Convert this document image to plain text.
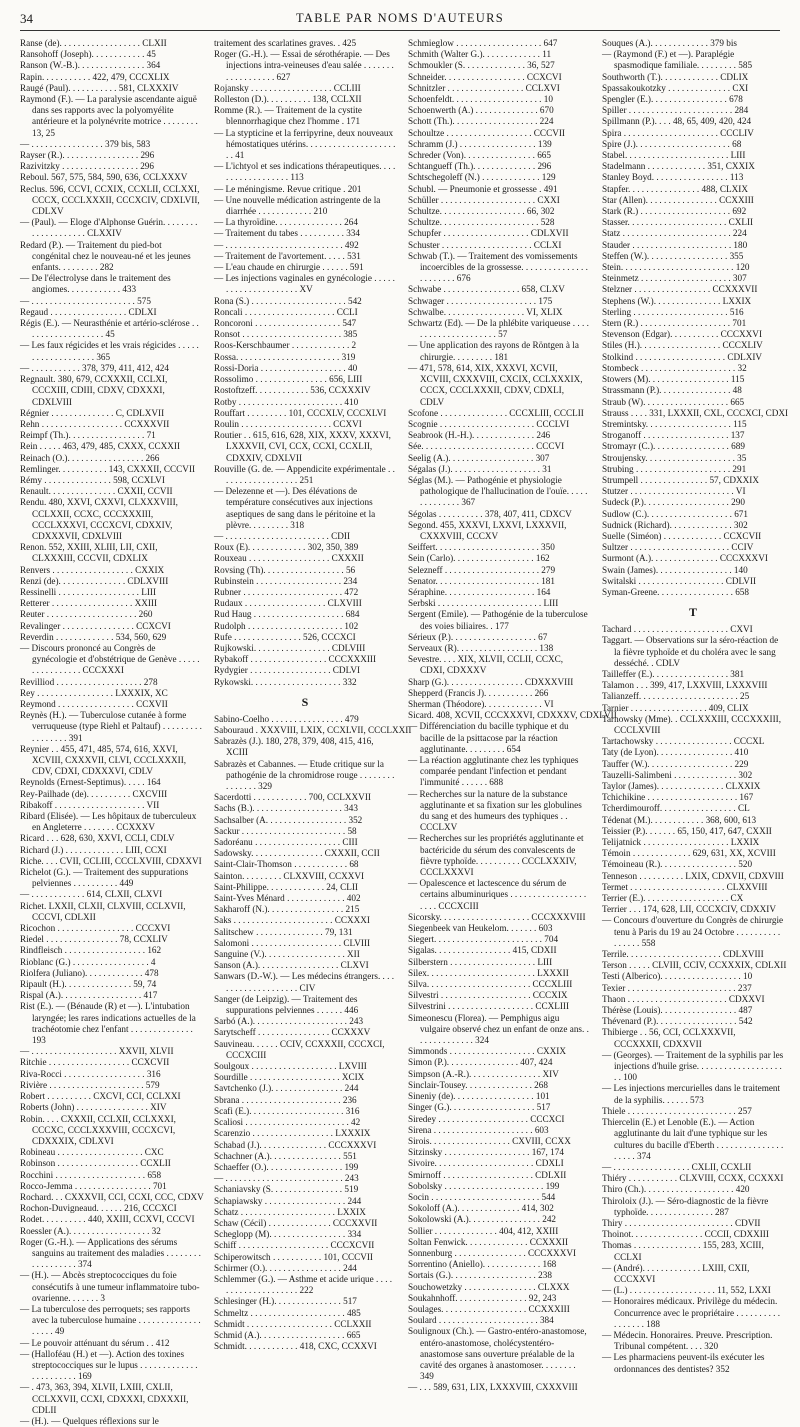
34	TABLE PAR NOMS D'AUTEURS
Ranse (de). . . . . . . . . . . . . . . . . . CLXII
Ransohoff (Joseph). . . . . . . . . . . . 45
Ranson (W.-B.). . . . . . . . . . . . . . . 364
Rapin. . . . . . . . . . . 422, 479, CCCXLIX
Raugé (Paul). . . . . . . . . . . 581, CLXXXIV
Raymond (F.). — La paralysie ascendante aiguë dans ses rapports avec la polyomyélite antérieure et la polynévrite motrice . . . . . . . . 13, 25
— . . . . . . . . . . . . . . . . 379 bis, 583
Rayser (R.). . . . . . . . . . . . . . . . . 296
Razivitzky . . . . . . . . . . . . . . . . . 296
Reboul. 567, 575, 584, 590, 636, CCLXXXV
Reclus. 596, CCVI, CCXIX, CCXLII, CCLXXI, CCCX, CCCLXXXII, CCCXCIV, CDXLVII, CDLXV
— (Paul). — Eloge d'Alphonse Guérin. . . . . . . . . . . . . . . . . . . . CLXXIV
Redard (P.). — Traitement du pied-bot congénital chez le nouveau-né et les jeunes enfants. . . . . . . . . 282
— De l'électrolyse dans le traitement des angiomes. . . . . . . . . . . . 433
— . . . . . . . . . . . . . . . . . . . . . . . 575
Regaud . . . . . . . . . . . . . . . . . CDLXI
Régis (E.). — Neurasthénie et artério-sclérose . . . . . . . . . . . . . . . . . . 45
— Les faux régicides et les vrais régicides . . . . . . . . . . . . . . . . . . . 365
— . . . . . . . . . . . 378, 379, 411, 412, 424
Regnault. 380, 679, CCXXXII, CCLXI, CCCXIII, CDIII, CDXV, CDXXXI, CDXLVIII
Régnier . . . . . . . . . . . . . . C, CDLXVII
Rehn . . . . . . . . . . . . . . . . . . CCXXXVII
Reimpf (Th.). . . . . . . . . . . . . . . . . 71
Rein . . . . . 463, 479, 485, CXXX, CCXXII
Reinach (O.). . . . . . . . . . . . . . . . . 266
Remlinger. . . . . . . . . . . 143, CXXXII, CCCVII
Rémy . . . . . . . . . . . . . . . 598, CCXLVI
Renault. . . . . . . . . . . . . . . CXXII, CCVII
Rendu. 480, XXVI, CXXVI, CLXXXVIII, CCLXXII, CCXC, CCCXXXIII, CCCLXXXVI, CCCXCVI, CDXXIV, CDXXXVII, CDXLVIII
Renon. 552, XXIII, XLIII, LII, CXII, CLXXXIII, CCCVII, CDXLIX
Renvers . . . . . . . . . . . . . . . . . . CXXIX
Renzi (de). . . . . . . . . . . . . . . CDLXVIII
Ressinelli . . . . . . . . . . . . . . . . . . LIII
Retterer . . . . . . . . . . . . . . . . . . XXIII
Reuter . . . . . . . . . . . . . . . . . . . . 260
Revalinger . . . . . . . . . . . . . . . . CCXCVI
Reverdin . . . . . . . . . . . . . 534, 560, 629
— Discours prononcé au Congrès de gynécologie et d'obstétrique de Genève . . . . . . . . . . . . . . . . CCCXXXI
Revilliod . . . . . . . . . . . . . . . . . . . 278
Rey . . . . . . . . . . . . . . . . . LXXXIX, XC
Reymond . . . . . . . . . . . . . . . . . CCXVII
Reynès (H.). — Tuberculose cutanée à forme verruqueuse (type Riehl et Paltauf) . . . . . . . . . . . . . . . . . 391
Reynier . . 455, 471, 485, 574, 616, XXVI, XCVIII, CXXXVII, CLVI, CCCLXXXII, CDV, CDXI, CDXXXVI, CDLV
Reynolds (Ernest-Septimus). . . . . 164
Rey-Pailhade (de). . . . . . . . . . CXCVIII
Ribakoff . . . . . . . . . . . . . . . . . . . . VII
Ribard (Elisée). — Les hôpitaux de tuberculeux en Angleterre . . . . . . . CCXXXV
Ricard . . . 628, 630, XXVI, CCLI, CDLV
Richard (J.) . . . . . . . . . . . . . LIII, CCXI
Riche. . . . CVII, CCLIII, CCCLXVIII, CDXXVI
Richelot (G.). — Traitement des suppurations pelviennes . . . . . . . . . . 449
— . . . . . . . . . . . . 614, CLXII, CLXVI
Richet. LXXII, CLXII, CLXVIII, CCLXVII, CCCVI, CDLXII
Ricochon . . . . . . . . . . . . . . . . . CCCXVI
Riedel . . . . . . . . . . . . . . . . 78, CCXLIV
Rindfleisch . . . . . . . . . . . . . . . . . . 162
Rioblanc (G.) . . . . . . . . . . . . . . . . . 4
Riolfera (Juliano). . . . . . . . . . . . . 478
Ripault (H.). . . . . . . . . . . . . . . 59, 74
Rispal (A.). . . . . . . . . . . . . . . . . . 417
Rist (E.). — (Bénaude (R) et —). L'intubation laryngée; les rares indications actuelles de la trachéotomie chez l'enfant . . . . . . . . . . . . . . 193
— . . . . . . . . . . . . . . . . . . . XXVII, XLVII
Ritchie . . . . . . . . . . . . . . . . . . CCXCVII
Riva-Rocci . . . . . . . . . . . . . . . . . . 316
Rivière . . . . . . . . . . . . . . . . . . . . . 579
Robert . . . . . . . . . . CXCVI, CCI, CCLXXI
Roberts (John) . . . . . . . . . . . . . . . . XIV
Robin. . . . CXXXII, CCLXII, CCLXXXI, CCCXC, CCCLXXXVIII, CCCXCVI, CDXXXIX, CDLXVI
Robineau . . . . . . . . . . . . . . . . . . . CXC
Robinson . . . . . . . . . . . . . . . . . . CCXLII
Rocchini . . . . . . . . . . . . . . . . . . . . 658
Rocco-Jemma . . . . . . . . . . . . . . . . . 701
Rochard. . . CXXXVII, CCI, CCXI, CCC, CDXV
Rochon-Duvigneaud. . . . . . 216, CCCXCI
Rodet. . . . . . . . . . 440, XXIII, CCXVI, CCCVI
Roessler (A.). . . . . . . . . . . . . . . . . . 32
Roger (G.-H.). — Applications des sérums sanguins au traitement des maladies . . . . . . . . . . . . . . . . . . 374
— (H.). — Abcès streptococciques du foie consécutifs à une tumeur inflammatoire tubo-ovarienne. . . . . . . 3
— La tuberculose des perroquets; ses rapports avec la tuberculose humaine . . . . . . . . . . . . . . . . . . . 49
— Le pouvoir atténuant du sérum . . 412
— (Halloféau (H.) et —). Action des toxines streptococciques sur le lupus . . . . . . . . . . . . . . . . . . . . . . . 169
— . 473, 363, 394, XLVII, LXIII, CXLII, CCLXXVII, CCXI, CDXXXI, CDXXXII, CDLII
— (H.). — Quelques réflexions sur le
traitement des scarlatines graves. . 425
Roger (G.-H.). — Essai de sérothérapie. — Des injections intra-veineuses d'eau salée . . . . . . . . . . . . . . . . . . 627
Rojansky . . . . . . . . . . . . . . . . . . CCLIII
Rolleston (D.). . . . . . . . . . 138, CCLXII
Romme (R.). — Traitement de la cystite blennorrhagique chez l'homme . 171
— La stypticine et la ferripyrine, deux nouveaux hémostatiques utérins. . . . . . . . . . . . . . . . . . . . . . 41
— L'ichtyol et ses indications thérapeutiques. . . . . . . . . . . . . . . . . . 113
— Le méningisme. Revue critique . 201
— Une nouvelle médication astringente de la diarrhée . . . . . . . . . . . . 210
— La thyroïdine. . . . . . . . . . . . . . . 264
— Traitement du tabes . . . . . . . . . . 334
— . . . . . . . . . . . . . . . . . . . . . . . . . . 492
— Traitement de l'avortement. . . . . 531
— L'eau chaude en chirurgie . . . . . . 591
— Les injections vaginales en gynécologie . . . . . . . . . . . . . . . . . . . . . XV
Rona (S.) . . . . . . . . . . . . . . . . . . . . . 542
Roncali . . . . . . . . . . . . . . . . . . . . CCLI
Roncoroni . . . . . . . . . . . . . . . . . . . 547
Ronsot . . . . . . . . . . . . . . . . . . . . . . 385
Roos-Kerschbaumer . . . . . . . . . . . . . 2
Rossa. . . . . . . . . . . . . . . . . . . . . . . 319
Rossi-Doria . . . . . . . . . . . . . . . . . . . 40
Rossolimo . . . . . . . . . . . . . . . . 656, LIII
Rostoftzeff. . . . . . . . . . . . 536, CCXXXIV
Rotby . . . . . . . . . . . . . . . . . . . . . . . 410
Rouffart . . . . . . . . . 101, CCCXLV, CCCXLVI
Roulin . . . . . . . . . . . . . . . . . . . . CCXVI
Routier . . 615, 616, 628, XIX, XXXV, XXXVI, LXXXVII, CVI, CCX, CCXI, CCXLII, CDXXIV, CDXLVII
Rouville (G. de. — Appendicite expérimentale . . . . . . . . . . . . . . . . . . 251
— Delezenne et —). Des élévations de température consécutives aux injections aseptiques de sang dans le péritoine et la plèvre. . . . . . . . . 318
— . . . . . . . . . . . . . . . . . . . . . . . CDII
Roux (E). . . . . . . . . . . . . 302, 350, 389
Rouxeau . . . . . . . . . . . . . . . . . . CXXXII
Rovsing (Th). . . . . . . . . . . . . . . . . . 56
Rubinstein . . . . . . . . . . . . . . . . . . . 234
Rubner . . . . . . . . . . . . . . . . . . . . . . 472
Rudaux . . . . . . . . . . . . . . . . . . CLXVIII
Rud Haug . . . . . . . . . . . . . . . . . . . . 684
Rudolph . . . . . . . . . . . . . . . . . . . . . 102
Rufe . . . . . . . . . . . . . . . 526, CCCXCI
Rujkowski. . . . . . . . . . . . . . . . . CDLVIII
Rybakoff . . . . . . . . . . . . . . . . . CCCXXXIII
Rydygier . . . . . . . . . . . . . . . . . . CDLVI
Rykowski. . . . . . . . . . . . . . . . . . . . 332
S
Sabino-Coelho . . . . . . . . . . . . . . . . 479
Sabouraud . XXXVIII, LXIX, CCXLVII, CCCLXXII
Sabrazès (J.). 180, 278, 379, 408, 415, 416, XCIII
Sabrazès et Cabannes. — Etude critique sur la pathogénie de la chromidrose rouge . . . . . . . . . . . . . . . 329
Sacerdotti . . . . . . . . . . . . 700, CCLXXVII
Sachs (B.). . . . . . . . . . . . . . . . . . . . 343
Sachsalber (A. . . . . . . . . . . . . . . . . . 352
Sackur . . . . . . . . . . . . . . . . . . . . . . . 58
Sadoréanu . . . . . . . . . . . . . . . . . . . CIII
Sadowsky. . . . . . . . . . . . . . . . CXXXII, CCII
Saint-Clair-Thomson . . . . . . . . . . . . 68
Sainton. . . . . . . . . CLXXVIII, CCXXVI
Saint-Philippe. . . . . . . . . . . . . 24, CLII
Saint-Yves Ménard . . . . . . . . . . . . . 402
Sakharoff (N.). . . . . . . . . . . . . . . . . 215
Saks . . . . . . . . . . . . . . . . . . . . . . CCXXXI
Salitschew . . . . . . . . . . . . . . . 79, 131
Salomoni . . . . . . . . . . . . . . . . . . . . CLVIII
Sanguine (V.). . . . . . . . . . . . . . . . . . XII
Sanson (A.). . . . . . . . . . . . . . . . . . CLXVI
Sanwars (D.-W.). — Les médecins étrangers. . . . . . . . . . . . . . . . . . . . CIV
Sanger (de Leipzig). — Traitement des suppurations pelviennes . . . . . . 446
Sarbó (A.). . . . . . . . . . . . . . . . . . . . . 243
Sarytscheff . . . . . . . . . . . . . . . . CCXXXV
Sauvineau. . . . . . CCIV, CCXXXII, CCCXCI, CCCXCIII
Soulgoux . . . . . . . . . . . . . . . . . . . LXVIII
Sourdille . . . . . . . . . . . . . . . . . . . . XCIX
Savtchenko (J.). . . . . . . . . . . . . . . . 244
Sbrana . . . . . . . . . . . . . . . . . . . . . . 236
Scafi (E.). . . . . . . . . . . . . . . . . . . . . 316
Scaliosi . . . . . . . . . . . . . . . . . . . . . . . 42
Scarenzio . . . . . . . . . . . . . . . . . . LXXXIX
Schabad (J.). . . . . . . . . . . . . . . CCCXXXVI
Schachner (A.). . . . . . . . . . . . . . . . 551
Schaeffer (O.). . . . . . . . . . . . . . . . . 199
— . . . . . . . . . . . . . . . . . . . . . . . . . . 243
Schaniavsky (S. . . . . . . . . . . . . . . . 519
Schapiawsky . . . . . . . . . . . . . . . . . . 244
Schatz . . . . . . . . . . . . . . . . . . . . . LXXIX
Schaw (Cécil) . . . . . . . . . . . . . . CCCXXVII
Scheglopp (M). . . . . . . . . . . . . . . . . 334
Schiff . . . . . . . . . . . . . . . . . . . . CCCXCVII
Schiperowitsch . . . . . . . . . . . 101, CCCVII
Schirmer (O.). . . . . . . . . . . . . . . . . 244
Schlemmer (G.). — Asthme et acide urique . . . . . . . . . . . . . . . . . . . . 222
Schlesinger (H.). . . . . . . . . . . . . . . 517
Schmeltz . . . . . . . . . . . . . . . . . . . . . 485
Schmidt . . . . . . . . . . . . . . . . . . . CCLXXII
Schmid (A.). . . . . . . . . . . . . . . . . . . 665
Schmidt. . . . . . . . . . . . 418, CXC, CCXXVI
Schmieglow . . . . . . . . . . . . . . . . . . . 647
Schmith (Walter G.). . . . . . . . . . . . . 11
Schmoukler (S. . . . . . . . . . . . . . 36, 527
Schneider. . . . . . . . . . . . . . . . . . CCXCVI
Schnitzler . . . . . . . . . . . . . . . . . CCLXVI
Schoenfeldt. . . . . . . . . . . . . . . . . . . . 10
Schoenwerth (A.) . . . . . . . . . . . . . . 670
Schott (Th.). . . . . . . . . . . . . . . . . . . 224
Schoultze . . . . . . . . . . . . . . . . . . . CCCVII
Schramm (J.) . . . . . . . . . . . . . . . . . 139
Schreder (Von). . . . . . . . . . . . . . . . 665
Schtangueff (Th.). . . . . . . . . . . . . . 296
Schtschegoleff (N.) . . . . . . . . . . . . . 129
Schubl. — Pneumonie et grossesse . 491
Schüller . . . . . . . . . . . . . . . . . . . . . CXXI
Schultze. . . . . . . . . . . . . . . . . . . 66, 302
Schultze. . . . . . . . . . . . . . . . . . . . . . 528
Schupfer . . . . . . . . . . . . . . . . . . . CDLXVII
Schuster . . . . . . . . . . . . . . . . . . . . CCLXI
Schwab (T.). — Traitement des vomissements incoercibles de la grossesse. . . . . . . . . . . . . . . . . . . . . . . 676
Schwabe . . . . . . . . . . . . . . . . . 658, CLXV
Schwager . . . . . . . . . . . . . . . . . . . . 175
Schwalbe. . . . . . . . . . . . . . . . . . VI, XLIX
Schwartz (Ed). — De la phlébite variqueuse . . . . . . . . . . . . . . . . . . . . . 57
— Une application des rayons de Röntgen à la chirurgie. . . . . . . . . 181
— 471, 578, 614, XIX, XXXVI, XCVII, XCVIII, CXXXVIII, CXCIX, CCLXXXIX, CCCX, CCCLXXXII, CDXV, CDXLI, CDLV
Scofone . . . . . . . . . . . . . . . CCCXLIII, CCCLII
Scognie . . . . . . . . . . . . . . . . . . . . . CCCLVI
Seabrook (H.-H.). . . . . . . . . . . . . . 246
Sée. . . . . . . . . . . . . . . . . . . . . . . . . CCCVI
Seelig (A.). . . . . . . . . . . . . . . . . . . 307
Ségalas (J.). . . . . . . . . . . . . . . . . . . . 31
Séglas (M.). — Pathogénie et physiologie pathologique de l'hallucination de l'ouïe. . . . . . . . . . . . . . 367
Ségolas . . . . . . . . . . 378, 407, 411, CDXCV
Segond. 455, XXXVI, LXXVI, LXXXVII, CXXXVIII, CCCXV
Seiffert. . . . . . . . . . . . . . . . . . . . . . . 350
Sein (Carlo). . . . . . . . . . . . . . . . . . 162
Selezneff . . . . . . . . . . . . . . . . . . . . . 279
Senator. . . . . . . . . . . . . . . . . . . . . . . 181
Séraphine. . . . . . . . . . . . . . . . . . . . 164
Serbski . . . . . . . . . . . . . . . . . . . . . . . LIII
Sergent (Emile). — Pathogénie de la tuberculose des voies biliaires. . 177
Sérieux (P.). . . . . . . . . . . . . . . . . . . 67
Serveaux (R). . . . . . . . . . . . . . . . . . 138
Sevestre. . . . XIX, XLVII, CCLII, CCXC, CDXI, CDXXXV
Sharp (G.). . . . . . . . . . . . . . . . . CDXXXVIII
Shepperd (Francis J). . . . . . . . . . . 266
Sherman (Théodore). . . . . . . . . . . . . VI
Sicard. 408, XCVII, CCCXXXVI, CDXXXV, CDXLVII
— Différenciation du bacille typhique et du bacille de la psittacose par la réaction agglutinante. . . . . . . . . 654
— La réaction agglutinante chez les typhiques comparée pendant l'infection et pendant l'immunité . . . . . . 688
— Recherches sur la nature de la substance agglutinante et sa fixation sur les globulines du sang et des humeurs des typhiques . . CCCLXV
— Recherches sur les propriétés agglutinante et bactéricide du sérum des convalescents de fièvre typhoïde. . . . . . . . . . CCCLXXXIV, CCCLXXXVI
— Opalescence et lactescence du sérum de certains albuminuriques . . . . . . . . . . . . . . . . . . . . . CCCXCIII
Sicorsky. . . . . . . . . . . . . . . . . . . . CCCXXXVIII
Siegenbeek van Heukelom. . . . . . . 603
Siegert. . . . . . . . . . . . . . . . . . . . . . . . 704
Sigalas. . . . . . . . . . . . . . . . . 415, CDXII
Silberstern . . . . . . . . . . . . . . . . . . . LIII
Silex. . . . . . . . . . . . . . . . . . . . . . . . LXXXII
Silva. . . . . . . . . . . . . . . . . . . . . . . CCCXLIII
Silvestri . . . . . . . . . . . . . . . . . . . . CCCXIX
Silvestrini . . . . . . . . . . . . . . . . . . . CCXLIII
Simeonescu (Florea). — Pemphigus aigu vulgaire observé chez un enfant de onze ans. . . . . . . . . . . . . . 324
Simmonds . . . . . . . . . . . . . . . . . . . CXXIX
Simon (P.). . . . . . . . . . . . . . . . 407, 424
Simpson (A.-R.). . . . . . . . . . . . . . . . XIV
Sinclair-Tousey. . . . . . . . . . . . . . . 268
Sineniy (de). . . . . . . . . . . . . . . . . . 101
Singer (G.). . . . . . . . . . . . . . . . . . . 517
Siredey . . . . . . . . . . . . . . . . . . . . CCCXCI
Sirena . . . . . . . . . . . . . . . . . . . . . . 603
Sirois. . . . . . . . . . . . . . . . . . CXVIII, CCXX
Sitzinsky . . . . . . . . . . . . . . . . . . . 167, 174
Sivoire. . . . . . . . . . . . . . . . . . . . . . CDXLI
Smirnoff . . . . . . . . . . . . . . . . . . . . CDLXII
Sobolsky . . . . . . . . . . . . . . . . . . . . . . 199
Socin . . . . . . . . . . . . . . . . . . . . . . . . 544
Sokoloff (A.). . . . . . . . . . . . . . 414, 302
Sokolowski (A.). . . . . . . . . . . . . . . . 242
Sollier . . . . . . . . . . . . . . 404, 412, XXIII
Soltan Fenwick. . . . . . . . . . . . . . CCXXXII
Sonnenburg . . . . . . . . . . . . . . . . CCCXXXVI
Sorrentino (Aniello). . . . . . . . . . . . . 168
Sortais (G.). . . . . . . . . . . . . . . . . . . 238
Souchowetzky . . . . . . . . . . . . . . . . CLXXX
Soukahnhoff. . . . . . . . . . . . . . . . 92, 243
Soulages. . . . . . . . . . . . . . . . . . . CCXXXIII
Soulard . . . . . . . . . . . . . . . . . . . . . . 384
Soulignoux (Ch.). — Gastro-entéro-anastomose, entéro-anastomose, cholécystentéro-anastomose sans ouverture préalable de la cavité des organes à anastomoser. . . . . . . . 349
— . . . 589, 631, LIX, LXXXVIII, CXXXVIII
Souques (A.). . . . . . . . . . . . . 379 bis
— (Raymond (F.) et —). Paraplégie spasmodique familiale. . . . . . . . . 585
Southworth (T.). . . . . . . . . . . . . CDLIX
Spassakoukotzky . . . . . . . . . . . . . . CXI
Spengler (E.). . . . . . . . . . . . . . . . . 678
Spiller . . . . . . . . . . . . . . . . . . . . . . . 284
Spillmann (P.). . . . 48, 65, 409, 420, 424
Spira . . . . . . . . . . . . . . . . . . . . . CCCLIV
Spire (J.). . . . . . . . . . . . . . . . . . . . . 68
Stabel. . . . . . . . . . . . . . . . . . . . . . . LIII
Stadelmann . . . . . . . . . . . . . 351, CXXIX
Stanley Boyd. . . . . . . . . . . . . . . . . 113
Stapfer. . . . . . . . . . . . . . . . 488, CLXIX
Star (Allen). . . . . . . . . . . . . . . . CCXXIII
Stark (R.) . . . . . . . . . . . . . . . . . . . . 692
Stasser. . . . . . . . . . . . . . . . . . . . . . CXLII
Statz . . . . . . . . . . . . . . . . . . . . . . . . 224
Stauder . . . . . . . . . . . . . . . . . . . . . . 180
Steffen (W.). . . . . . . . . . . . . . . . . . 355
Stein. . . . . . . . . . . . . . . . . . . . . . . . . 120
Steinmetz . . . . . . . . . . . . . . . . . . . . 307
Stelzner . . . . . . . . . . . . . . . . . CCXXXVII
Stephens (W.). . . . . . . . . . . . . . . LXXIX
Sterling . . . . . . . . . . . . . . . . . . . . . 516
Stern (R.) . . . . . . . . . . . . . . . . . . . . 701
Stevenson (Edgar). . . . . . . . . . . CCCXXVI
Stiles (H.). . . . . . . . . . . . . . . . . . CCCXLIV
Stolkind . . . . . . . . . . . . . . . . . . . . CDLXIV
Stombeck . . . . . . . . . . . . . . . . . . . . . 32
Stowers (M). . . . . . . . . . . . . . . . . . 115
Strassmann (P.). . . . . . . . . . . . . . . . 48
Straub (W). . . . . . . . . . . . . . . . . . . 665
Strauss . . . . 331, LXXXII, CXL, CCCXCI, CDXI
Stremintsky. . . . . . . . . . . . . . . . . . . 115
Stroganoff . . . . . . . . . . . . . . . . . . . 137
Stromayr (C.). . . . . . . . . . . . . . . . . 689
Stroujensky. . . . . . . . . . . . . . . . . . . . 35
Strubing . . . . . . . . . . . . . . . . . . . . . 291
Strumpell . . . . . . . . . . . . . . . 57, CDXXIX
Stutzer . . . . . . . . . . . . . . . . . . . . . . . VI
Sudeck (P.). . . . . . . . . . . . . . . . . . . 290
Sudlow (C.). . . . . . . . . . . . . . . . . . . 671
Sudnick (Richard). . . . . . . . . . . . . . 302
Suelle (Siméon) . . . . . . . . . . . . . CCXCVII
Sultzer . . . . . . . . . . . . . . . . . . . . . . CCIV
Surmont (A.). . . . . . . . . . . . . . . CCCXXXVI
Swain (James). . . . . . . . . . . . . . . . . 140
Switalski . . . . . . . . . . . . . . . . . . . CDLVII
Syman-Greene. . . . . . . . . . . . . . . . . 658
T
Tachard . . . . . . . . . . . . . . . . . . . . . CXVI
Taggart. — Observations sur la séro-réaction de la fièvre typhoïde et du choléra avec le sang desséché. . CDLV
Tailleffer (E.). . . . . . . . . . . . . . . . . 381
Talamon . . . 399, 417, LXXVIII, LXXXVIII
Talianzeff. . . . . . . . . . . . . . . . . . . . . . 25
Tarnier . . . . . . . . . . . . . . . . . 409, CLIX
Tarnowsky (Mme). . CCLXXXIII, CCCXXXIII, CCCLXVIII
Tartachowsky . . . . . . . . . . . . . . . . . CCCXL
Taty (de Lyon). . . . . . . . . . . . . . . . . 410
Tauffer (W.). . . . . . . . . . . . . . . . . . . 229
Tauzelli-Salimbeni . . . . . . . . . . . . . . 302
Taylor (James). . . . . . . . . . . . . . . CLXXIX
Tchichikine . . . . . . . . . . . . . . . . . . . . 167
Tcherdimouroff. . . . . . . . . . . . . . . . . CL
Tédenat (M.). . . . . . . . . . . . 368, 600, 613
Teissier (P.). . . . . . . 65, 150, 417, 647, CXXII
Telijatnick . . . . . . . . . . . . . . . . . . . LXXIX
Témoin . . . . . . . . . . . . . 629, 631, XX, XCVIII
Témoineau (R.). . . . . . . . . . . . . . . . . 520
Tenneson . . . . . . . . . . LXIX, CDXVII, CDXVIII
Termet . . . . . . . . . . . . . . . . . . . . . CLXXVIII
Terrier (E.). . . . . . . . . . . . . . . . . . . CX
Terrier . . . 174, 628, LII, CCCXCIV, CDXXIV
— Concours d'ouverture du Congrès de chirurgie tenu à Paris du 19 au 24 Octobre . . . . . . . . . . . . . . . . 558
Terrile. . . . . . . . . . . . . . . . . . . . . CDLXVIII
Terson . . . . . CLVIII, CCIV, CCXXXIX, CDLXII
Testi (Alberico). . . . . . . . . . . . . . . . . . 10
Texier . . . . . . . . . . . . . . . . . . . . . . . . 237
Thaon . . . . . . . . . . . . . . . . . . . . . . CDXXVI
Thérèse (Louis). . . . . . . . . . . . . . . . . 487
Thévenard (P.). . . . . . . . . . . . . . . . . . 542
Thibierge . . 56, CCI, CCLXXXVII, CCCXXXII, CDXXVII
— (Georges). — Traitement de la syphilis par les injections d'huile grise. . . . . . . . . . . . . . . . . . . . . 100
— Les injections mercurielles dans le traitement de la syphilis. . . . . . 573
Thiele . . . . . . . . . . . . . . . . . . . . . . . . 257
Thiercelin (E.) et Lenoble (E.). — Action agglutinante du lait d'une typhique sur les cultures du bacille d'Eberth . . . . . . . . . . . . . . . . . . . . 374
— . . . . . . . . . . . . . . . . . CXLII, CCXLII
Thiéry . . . . . . . . . . . CLXVIII, CCXX, CCXXXI
Thiro (Ch.). . . . . . . . . . . . . . . . . . . . 420
Thiroloix (J.). — Séro-diagnostic de la fièvre typhoïde. . . . . . . . . . . . . . . 287
Thiry . . . . . . . . . . . . . . . . . . . . . . . . CDVII
Thoinot. . . . . . . . . . . . . . . . CCCII, CDXXIII
Thomas . . . . . . . . . . . . . . . 155, 283, XCIII, CCLXI
— (André). . . . . . . . . . . . . LXIII, CXII, CCCXXVI
— (L.) . . . . . . . . . . . . . . . . . . . 11, 552, LXXI
— Honoraires médicaux. Privilège du médecin. Concurrence avec le propriétaire . . . . . . . . . . . . . . . . . 188
— Médecin. Honoraires. Preuve. Prescription. Tribunal compétent. . . . 320
— Les pharmaciens peuvent-ils exécuter les ordonnances des dentistes? 352
